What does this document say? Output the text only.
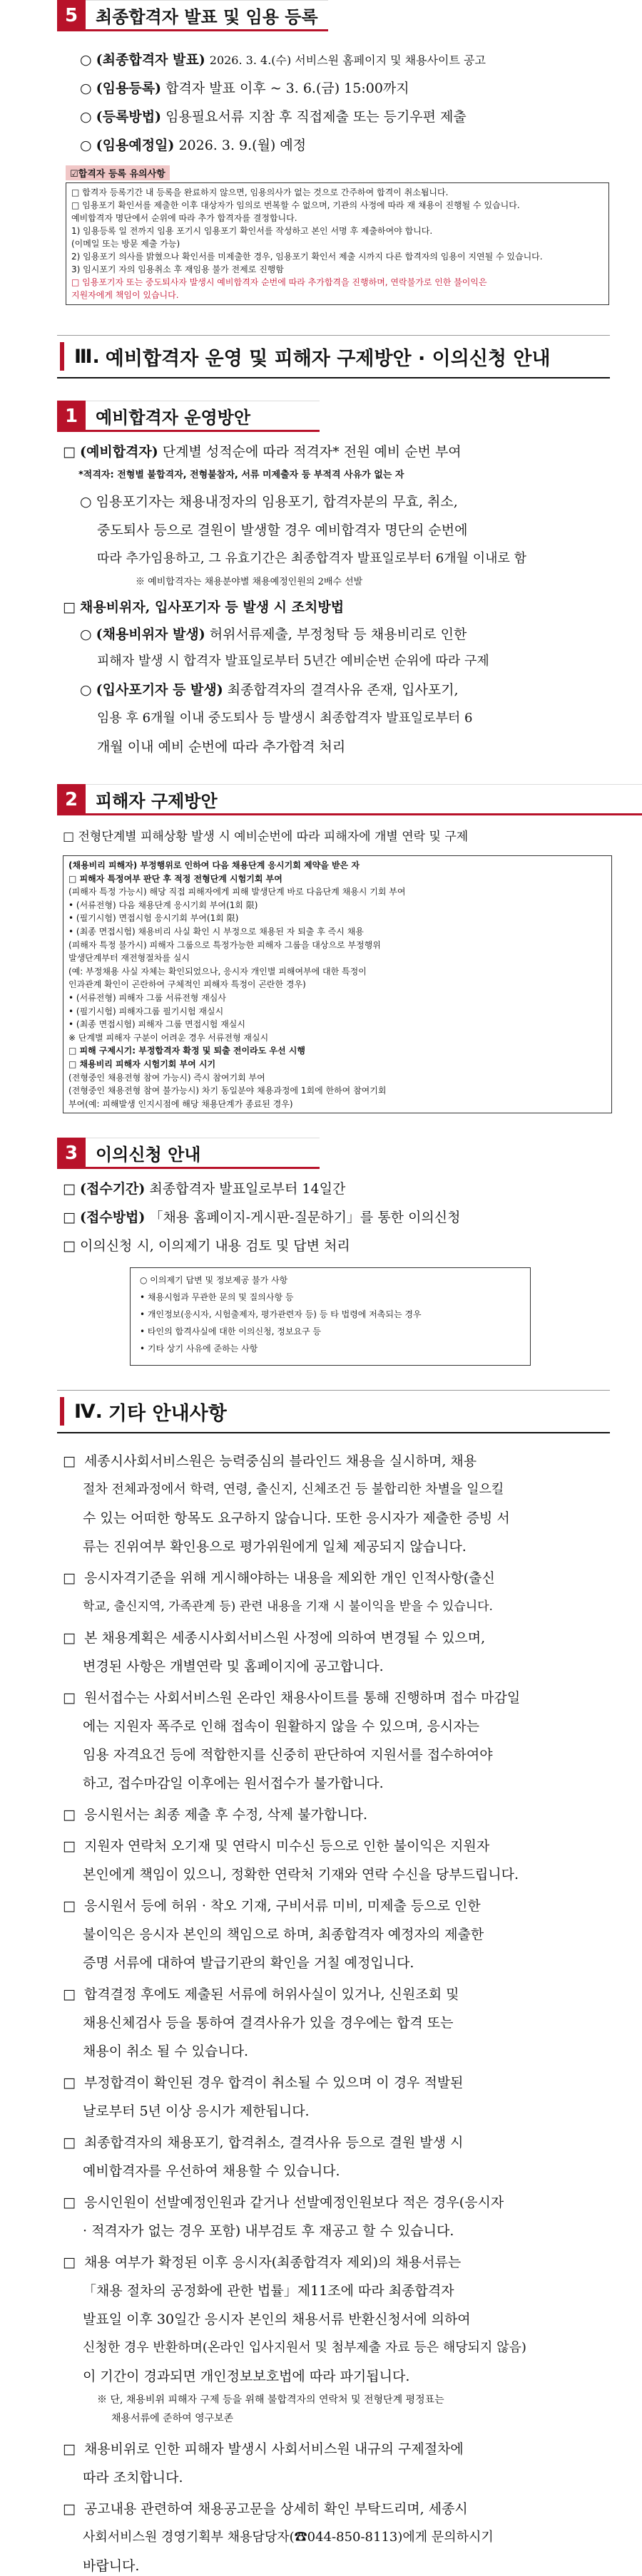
5	최종합격자 발표 및 임용 등록
○ (최종합격자 발표) 2026. 3. 4.(수) 서비스원 홈페이지 및 채용사이트 공고
○ (임용등록) 합격자 발표 이후 ~ 3. 6.(금) 15:00까지
○ (등록방법) 임용필요서류 지참 후 직접제출 또는 등기우편 제출
○ (임용예정일) 2026. 3. 9.(월) 예정
☑합격자 등록 유의사항
□ 합격자 등록기간 내 등록을 완료하지 않으면, 임용의사가 없는 것으로 간주하여 합격이 취소됩니다.
□ 임용포기 확인서를 제출한 이후 대상자가 임의로 번복할 수 없으며, 기관의 사정에 따라 재 채용이 진행될 수 있습니다.
예비합격자 명단에서 순위에 따라 추가 합격자를 결정합니다.
1) 임용등록 일 전까지 임용 포기시 임용포기 확인서를 작성하고 본인 서명 후 제출하여야 합니다.
(이메일 또는 방문 제출 가능)
2) 임용포기 의사를 밝혔으나 확인서를 미제출한 경우, 임용포기 확인서 제출 시까지 다른 합격자의 임용이 지연될 수 있습니다.
3) 임시포기 자의 임용취소 후 재임용 불가 전제로 진행함
□ 임용포기자 또는 중도퇴사자 발생시 예비합격자 순번에 따라 추가합격을 진행하며, 연락불가로 인한 불이익은
지원자에게 책임이 있습니다.
Ⅲ. 예비합격자 운영 및 피해자 구제방안 · 이의신청 안내
1	예비합격자 운영방안
□ (예비합격자) 단계별 성적순에 따라 적격자* 전원 예비 순번 부여
*적격자: 전형별 불합격자, 전형불참자, 서류 미제출자 등 부적격 사유가 없는 자
○ 임용포기자는 채용내정자의 임용포기, 합격자분의 무효, 취소,
중도퇴사 등으로 결원이 발생할 경우 예비합격자 명단의 순번에
따라 추가임용하고, 그 유효기간은 최종합격자 발표일로부터 6개월 이내로 함
※ 예비합격자는 채용분야별 채용예정인원의 2배수 선발
□ 채용비위자, 입사포기자 등 발생 시 조치방법
○ (채용비위자 발생) 허위서류제출, 부정청탁 등 채용비리로 인한
피해자 발생 시 합격자 발표일로부터 5년간 예비순번 순위에 따라 구제
○ (입사포기자 등 발생) 최종합격자의 결격사유 존재, 입사포기,
임용 후 6개월 이내 중도퇴사 등 발생시 최종합격자 발표일로부터 6
개월 이내 예비 순번에 따라 추가합격 처리
2	피해자 구제방안
□ 전형단계별 피해상황 발생 시 예비순번에 따라 피해자에 개별 연락 및 구제
(채용비리 피해자) 부정행위로 인하여 다음 채용단계 응시기회 제약을 받은 자
□ 피해자 특정여부 판단 후 적정 전형단계 시험기회 부여
(피해자 특정 가능시) 해당 직접 피해자에게 피해 발생단계 바로 다음단계 채용시 기회 부여
• (서류전형) 다음 채용단계 응시기회 부여(1회 限)
• (필기시험) 면접시험 응시기회 부여(1회 限)
• (최종 면접시험) 채용비리 사실 확인 시 부정으로 채용된 자 퇴출 후 즉시 채용
(피해자 특정 불가시) 피해자 그룹으로 특정가능한 피해자 그룹을 대상으로 부정행위
발생단계부터 재전형절차를 실시
(예: 부정채용 사실 자체는 확인되었으나, 응시자 개인별 피해여부에 대한 특정이
인과관계 확인이 곤란하여 구체적인 피해자 특정이 곤란한 경우)
• (서류전형) 피해자 그룹 서류전형 재심사
• (필기시험) 피해자그룹 필기시험 재실시
• (최종 면접시험) 피해자 그룹 면접시험 재실시
※ 단계별 피해자 구분이 어려운 경우 서류전형 재실시
□ 피해 구제시기: 부정합격자 확정 및 퇴출 전이라도 우선 시행
□ 채용비리 피해자 시험기회 부여 시기
(전형중인 채용전형 참여 가능시) 즉시 참여기회 부여
(전형중인 채용전형 참여 불가능시) 차기 동일분야 채용과정에 1회에 한하여 참여기회
부여(예: 피해발생 인지시점에 해당 채용단계가 종료된 경우)
3	이의신청 안내
□ (접수기간) 최종합격자 발표일로부터 14일간
□ (접수방법) 「채용 홈페이지-게시판-질문하기」를 통한 이의신청
□ 이의신청 시, 이의제기 내용 검토 및 답변 처리
○ 이의제기 답변 및 정보제공 불가 사항
• 채용시험과 무관한 문의 및 질의사항 등
• 개인정보(응시자, 시험출제자, 평가관련자 등) 등 타 법령에 저촉되는 경우
• 타인의 합격사실에 대한 이의신청, 정보요구 등
• 기타 상기 사유에 준하는 사항
Ⅳ. 기타 안내사항
□ 세종시사회서비스원은 능력중심의 블라인드 채용을 실시하며, 채용
절차 전체과정에서 학력, 연령, 출신지, 신체조건 등 불합리한 차별을 일으킬
수 있는 어떠한 항목도 요구하지 않습니다. 또한 응시자가 제출한 증빙 서
류는 진위여부 확인용으로 평가위원에게 일체 제공되지 않습니다.
□ 응시자격기준을 위해 게시해야하는 내용을 제외한 개인 인적사항(출신
학교, 출신지역, 가족관계 등) 관련 내용을 기재 시 불이익을 받을 수 있습니다.
□ 본 채용계획은 세종시사회서비스원 사정에 의하여 변경될 수 있으며,
변경된 사항은 개별연락 및 홈페이지에 공고합니다.
□ 원서접수는 사회서비스원 온라인 채용사이트를 통해 진행하며 접수 마감일
에는 지원자 폭주로 인해 접속이 원활하지 않을 수 있으며, 응시자는
임용 자격요건 등에 적합한지를 신중히 판단하여 지원서를 접수하여야
하고, 접수마감일 이후에는 원서접수가 불가합니다.
□ 응시원서는 최종 제출 후 수정, 삭제 불가합니다.
□ 지원자 연락처 오기재 및 연락시 미수신 등으로 인한 불이익은 지원자
본인에게 책임이 있으니, 정확한 연락처 기재와 연락 수신을 당부드립니다.
□ 응시원서 등에 허위 · 착오 기재, 구비서류 미비, 미제출 등으로 인한
불이익은 응시자 본인의 책임으로 하며, 최종합격자 예정자의 제출한
증명 서류에 대하여 발급기관의 확인을 거칠 예정입니다.
□ 합격결정 후에도 제출된 서류에 허위사실이 있거나, 신원조회 및
채용신체검사 등을 통하여 결격사유가 있을 경우에는 합격 또는
채용이 취소 될 수 있습니다.
□ 부정합격이 확인된 경우 합격이 취소될 수 있으며 이 경우 적발된
날로부터 5년 이상 응시가 제한됩니다.
□ 최종합격자의 채용포기, 합격취소, 결격사유 등으로 결원 발생 시
예비합격자를 우선하여 채용할 수 있습니다.
□ 응시인원이 선발예정인원과 같거나 선발예정인원보다 적은 경우(응시자
· 적격자가 없는 경우 포함) 내부검토 후 재공고 할 수 있습니다.
□ 채용 여부가 확정된 이후 응시자(최종합격자 제외)의 채용서류는
「채용 절차의 공정화에 관한 법률」제11조에 따라 최종합격자
발표일 이후 30일간 응시자 본인의 채용서류 반환신청서에 의하여
신청한 경우 반환하며(온라인 입사지원서 및 첨부제출 자료 등은 해당되지 않음)
이 기간이 경과되면 개인정보보호법에 따라 파기됩니다.
※ 단, 채용비위 피해자 구제 등을 위해 불합격자의 연락처 및 전형단계 평정표는
채용서류에 준하여 영구보존
□ 채용비위로 인한 피해자 발생시 사회서비스원 내규의 구제절차에
따라 조치합니다.
□ 공고내용 관련하여 채용공고문을 상세히 확인 부탁드리며, 세종시
사회서비스원 경영기획부 채용담당자(☎044-850-8113)에게 문의하시기
바랍니다.
